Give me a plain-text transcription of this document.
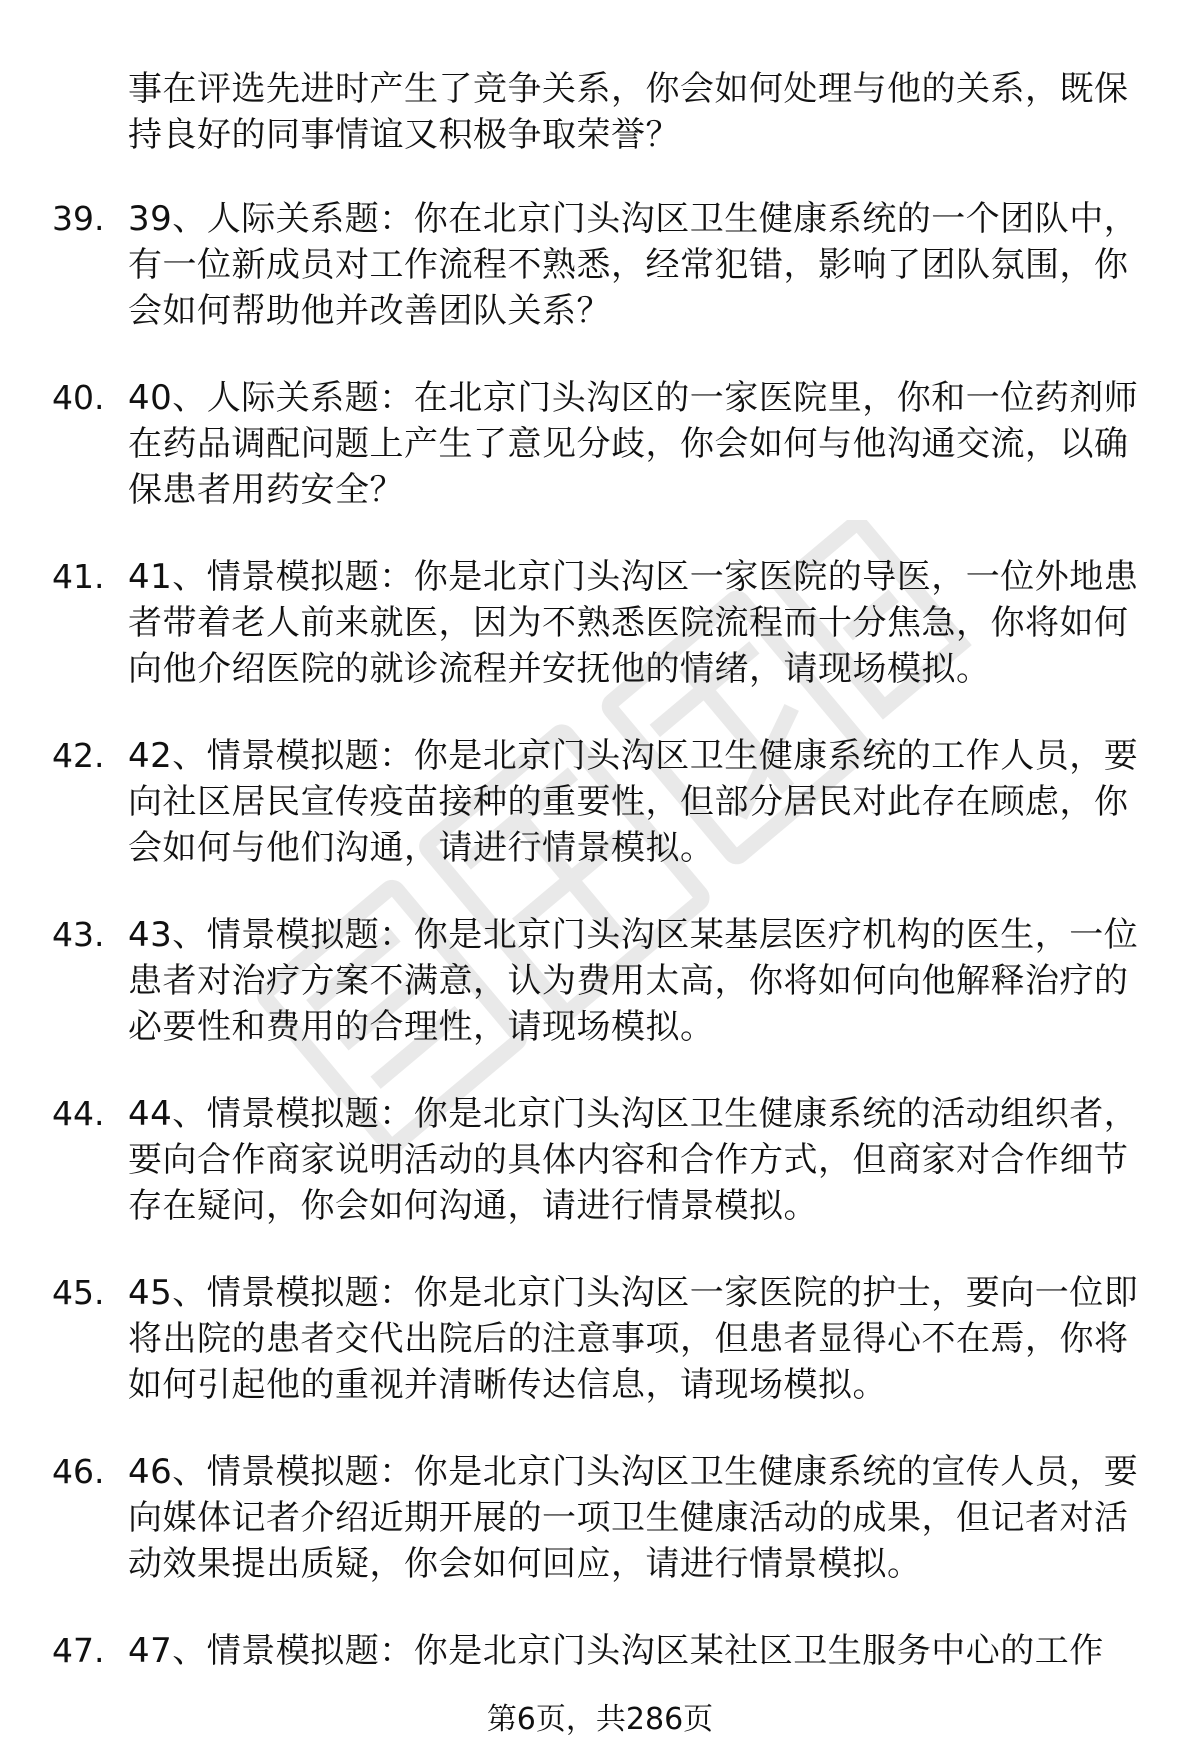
事在评选先进时产生了竞争关系，你会如何处理与他的关系，既保持良好的同事情谊又积极争取荣誉？
39. 39、人际关系题：你在北京门头沟区卫生健康系统的一个团队中，有一位新成员对工作流程不熟悉，经常犯错，影响了团队氛围，你会如何帮助他并改善团队关系？
40. 40、人际关系题：在北京门头沟区的一家医院里，你和一位药剂师在药品调配问题上产生了意见分歧，你会如何与他沟通交流，以确保患者用药安全？
41. 41、情景模拟题：你是北京门头沟区一家医院的导医，一位外地患者带着老人前来就医，因为不熟悉医院流程而十分焦急，你将如何向他介绍医院的就诊流程并安抚他的情绪，请现场模拟。
42. 42、情景模拟题：你是北京门头沟区卫生健康系统的工作人员，要向社区居民宣传疫苗接种的重要性，但部分居民对此存在顾虑，你会如何与他们沟通，请进行情景模拟。
43. 43、情景模拟题：你是北京门头沟区某基层医疗机构的医生，一位患者对治疗方案不满意，认为费用太高，你将如何向他解释治疗的必要性和费用的合理性，请现场模拟。
44. 44、情景模拟题：你是北京门头沟区卫生健康系统的活动组织者，要向合作商家说明活动的具体内容和合作方式，但商家对合作细节存在疑问，你会如何沟通，请进行情景模拟。
45. 45、情景模拟题：你是北京门头沟区一家医院的护士，要向一位即将出院的患者交代出院后的注意事项，但患者显得心不在焉，你将如何引起他的重视并清晰传达信息，请现场模拟。
46. 46、情景模拟题：你是北京门头沟区卫生健康系统的宣传人员，要向媒体记者介绍近期开展的一项卫生健康活动的成果，但记者对活动效果提出质疑，你会如何回应，请进行情景模拟。
47. 47、情景模拟题：你是北京门头沟区某社区卫生服务中心的工作
第6页，共286页
